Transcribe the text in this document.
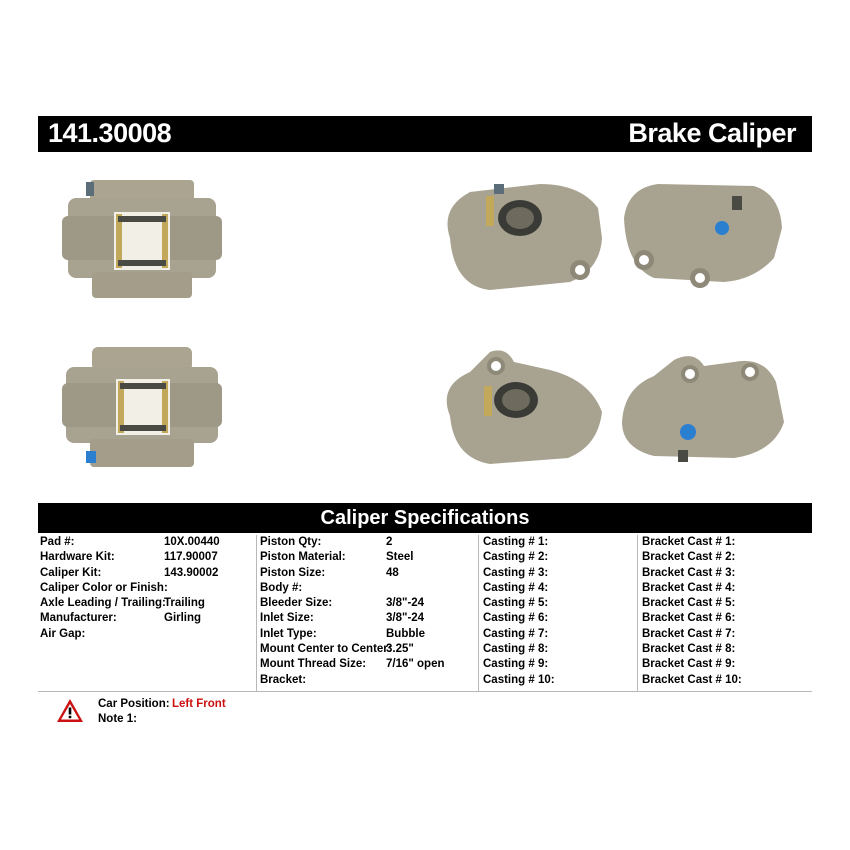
141.30008	Brake Caliper
Caliper Specifications
Pad #:	10X.00440
Hardware Kit:	117.90007
Caliper Kit:	143.90002
Caliper Color or Finish:
Axle Leading / Trailing:
Trailing
Manufacturer:	Girling
Air Gap:
Piston Qty:	2
Piston Material:	Steel
Piston Size:	48
Body #:
Bleeder Size:	3/8"-24
Inlet Size:	3/8"-24
Inlet Type:	Bubble
Mount Center to Center:
3.25"
Mount Thread Size: 7/16" open
Bracket:
Casting # 1:
Casting # 2:
Casting # 3:
Casting # 4:
Casting # 5:
Casting # 6:
Casting # 7:
Casting # 8:
Casting # 9:
Casting # 10:
Bracket Cast # 1:
Bracket Cast # 2:
Bracket Cast # 3:
Bracket Cast # 4:
Bracket Cast # 5:
Bracket Cast # 6:
Bracket Cast # 7:
Bracket Cast # 8:
Bracket Cast # 9:
Bracket Cast # 10:
Car Position: Left Front
Note 1:
